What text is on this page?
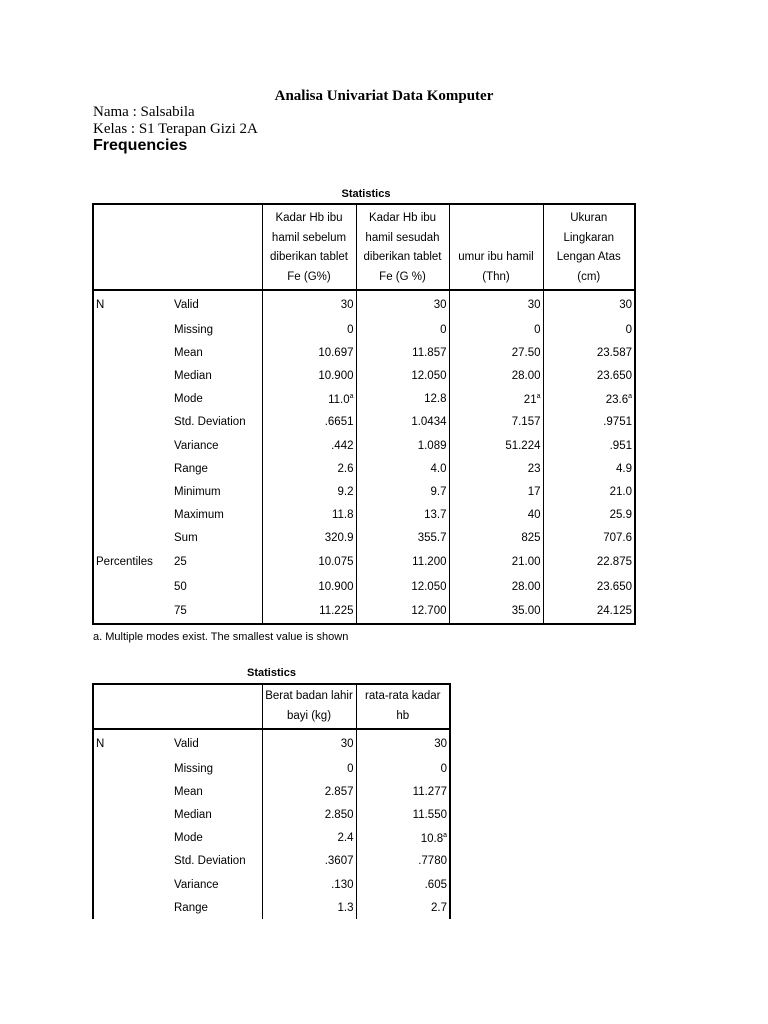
Analisa Univariat Data Komputer
Nama : Salsabila
Kelas : S1 Terapan Gizi 2A
Frequencies
Statistics
		Kadar Hb ibu hamil sebelum diberikan tablet Fe (G%)	Kadar Hb ibu hamil sesudah diberikan tablet Fe (G %)	umur ibu hamil (Thn)	Ukuran Lingkaran Lengan Atas (cm)
N	Valid	30	30	30	30
	Missing	0	0	0	0
	Mean	10.697	11.857	27.50	23.587
	Median	10.900	12.050	28.00	23.650
	Mode	11.0$^a$	12.8	21$^a$	23.6$^a$
	Std. Deviation	.6651	1.0434	7.157	.9751
	Variance	.442	1.089	51.224	.951
	Range	2.6	4.0	23	4.9
	Minimum	9.2	9.7	17	21.0
	Maximum	11.8	13.7	40	25.9
	Sum	320.9	355.7	825	707.6
Percentiles	25	10.075	11.200	21.00	22.875
	50	10.900	12.050	28.00	23.650
	75	11.225	12.700	35.00	24.125
a. Multiple modes exist. The smallest value is shown
Statistics
		Berat badan lahir bayi (kg)	rata-rata kadar hb
N	Valid	30	30
	Missing	0	0
	Mean	2.857	11.277
	Median	2.850	11.550
	Mode	2.4	10.8$^a$
	Std. Deviation	.3607	.7780
	Variance	.130	.605
	Range	1.3	2.7
